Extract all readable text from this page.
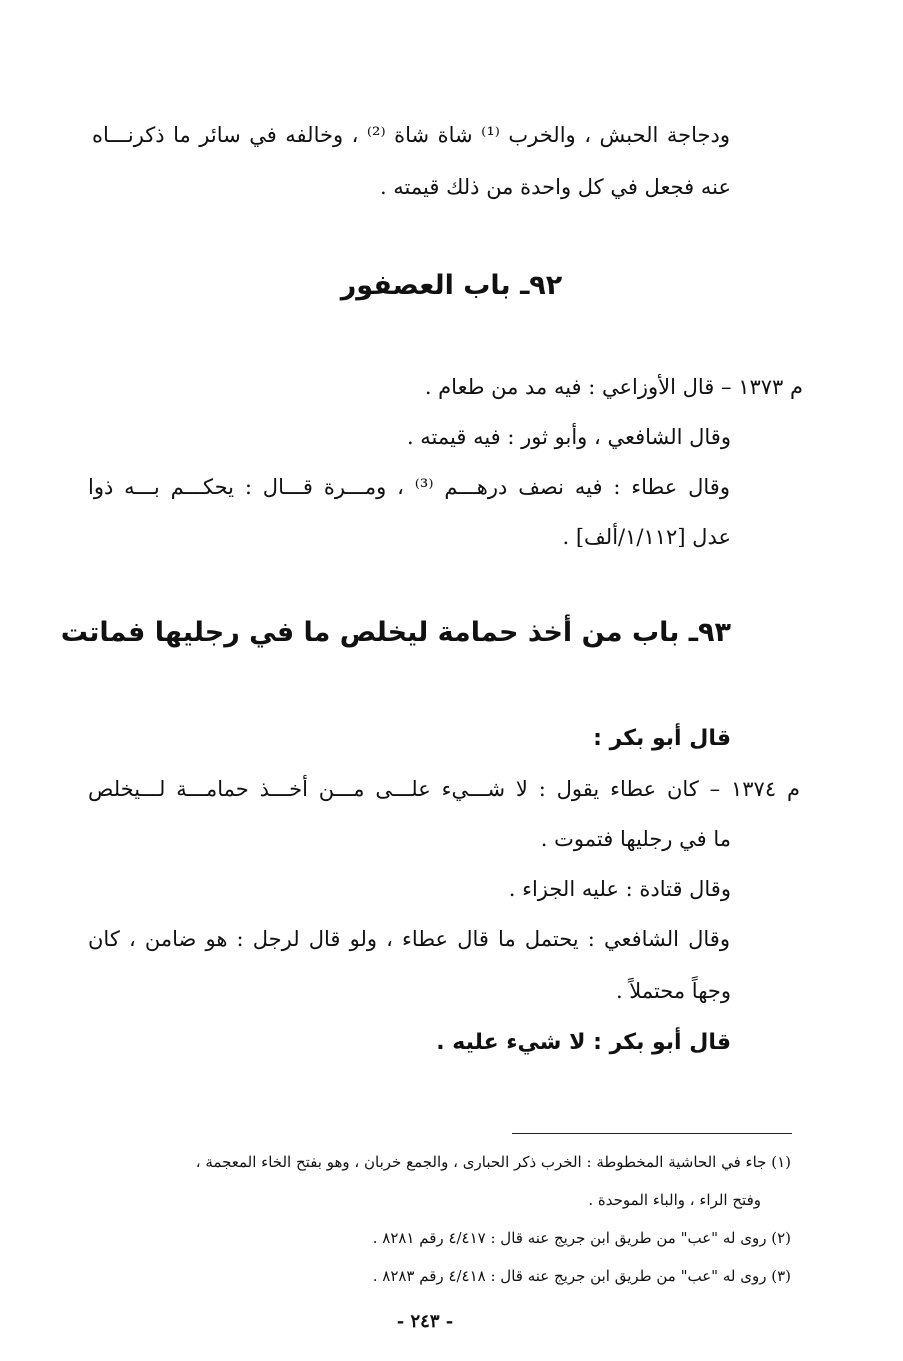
ودجاجة الحبش ، والخرب ⁽¹⁾ شاة شاة ⁽²⁾ ، وخالفه في سائر ما ذكرنـــاه
عنه فجعل في كل واحدة من ذلك قيمته .
٩٢ـ باب العصفور
م ١٣٧٣ – قال الأوزاعي : فيه مد من طعام .
وقال الشافعي ، وأبو ثور : فيه قيمته .
وقال عطاء : فيه نصف درهـــم ⁽³⁾ ، ومـــرة قـــال : يحكـــم بـــه ذوا
عدل [١/١١٢/ألف] .
٩٣ـ باب من أخذ حمامة ليخلص ما في رجليها فماتت
قال أبو بكر :
م ١٣٧٤ – كان عطاء يقول : لا شـــيء علـــى مـــن أخـــذ حمامـــة لـــيخلص
ما في رجليها فتموت .
وقال قتادة : عليه الجزاء .
وقال الشافعي : يحتمل ما قال عطاء ، ولو قال لرجل : هو ضامن ، كان
وجهاً محتملاً .
قال أبو بكر : لا شيء عليه .
(١) جاء في الحاشية المخطوطة : الخرب ذكر الحبارى ، والجمع خربان ، وهو بفتح الخاء المعجمة ،
وفتح الراء ، والباء الموحدة .
(٢) روى له "عب" من طريق ابن جريج عنه قال : ٤/٤١٧ رقم ٨٢٨١ .
(٣) روى له "عب" من طريق ابن جريج عنه قال : ٤/٤١٨ رقم ٨٢٨٣ .
- ٢٤٣ -
